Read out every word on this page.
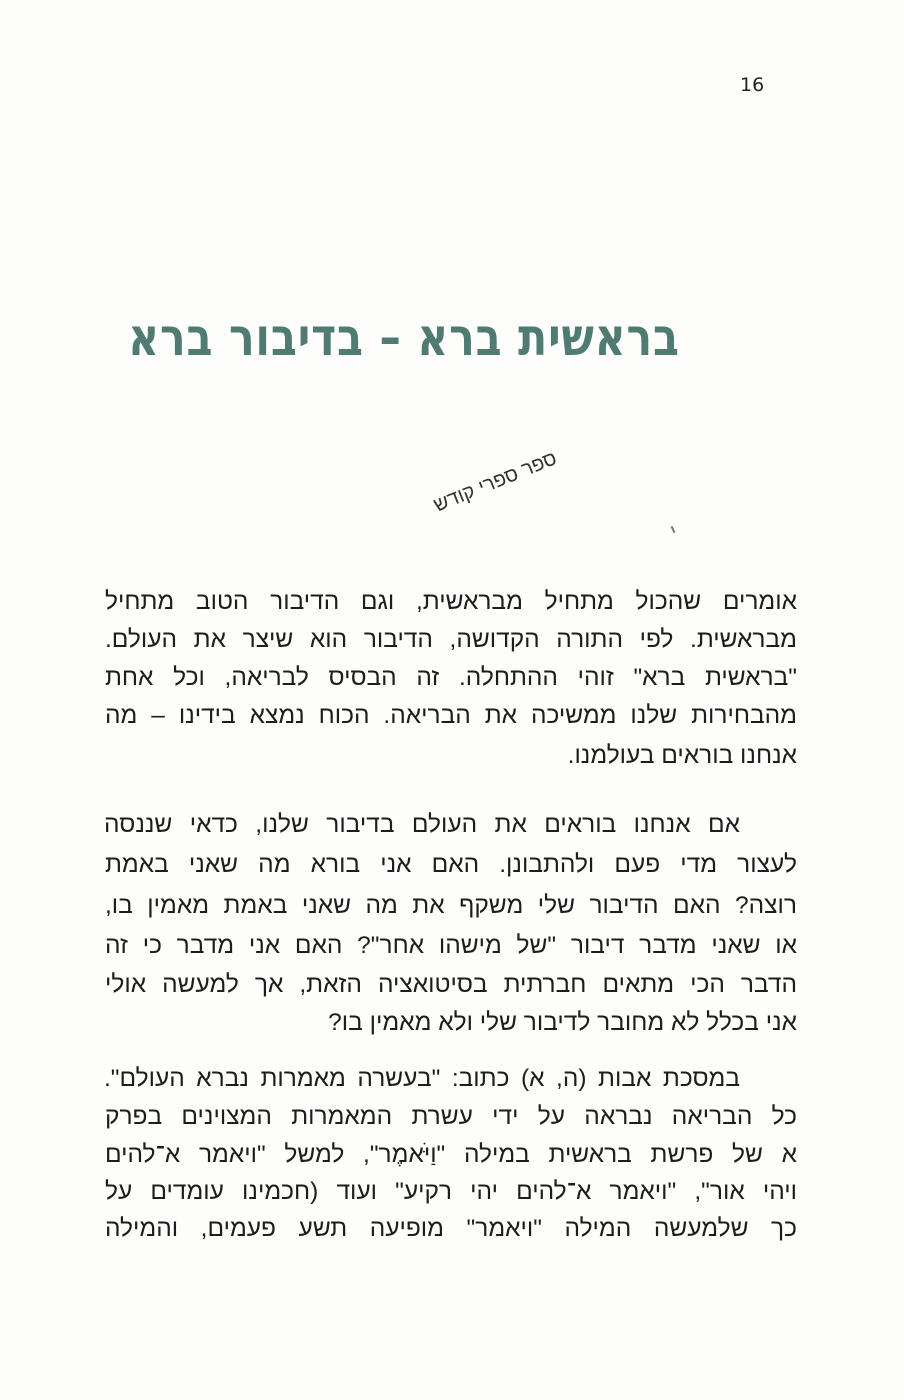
16
בראשית ברא – בדיבור ברא
ספר ספרי קודש
אומרים שהכול מתחיל מבראשית, וגם הדיבור הטוב מתחיל
מבראשית. לפי התורה הקדושה, הדיבור הוא שיצר את העולם.
"בראשית ברא" זוהי ההתחלה. זה הבסיס לבריאה, וכל אחת
מהבחירות שלנו ממשיכה את הבריאה. הכוח נמצא בידינו – מה
אנחנו בוראים בעולמנו.
אם אנחנו בוראים את העולם בדיבור שלנו, כדאי שננסה
לעצור מדי פעם ולהתבונן. האם אני בורא מה שאני באמת
רוצה? האם הדיבור שלי משקף את מה שאני באמת מאמין בו,
או שאני מדבר דיבור "של מישהו אחר"? האם אני מדבר כי זה
הדבר הכי מתאים חברתית בסיטואציה הזאת, אך למעשה אולי
אני בכלל לא מחובר לדיבור שלי ולא מאמין בו?
במסכת אבות (ה, א) כתוב: "בעשרה מאמרות נברא העולם".
כל הבריאה נבראה על ידי עשרת המאמרות המצוינים בפרק
א של פרשת בראשית במילה "וַיֹּאמֶר", למשל "ויאמר א־להים
ויהי אור", "ויאמר א־להים יהי רקיע" ועוד (חכמינו עומדים על
כך שלמעשה המילה "ויאמר" מופיעה תשע פעמים, והמילה
